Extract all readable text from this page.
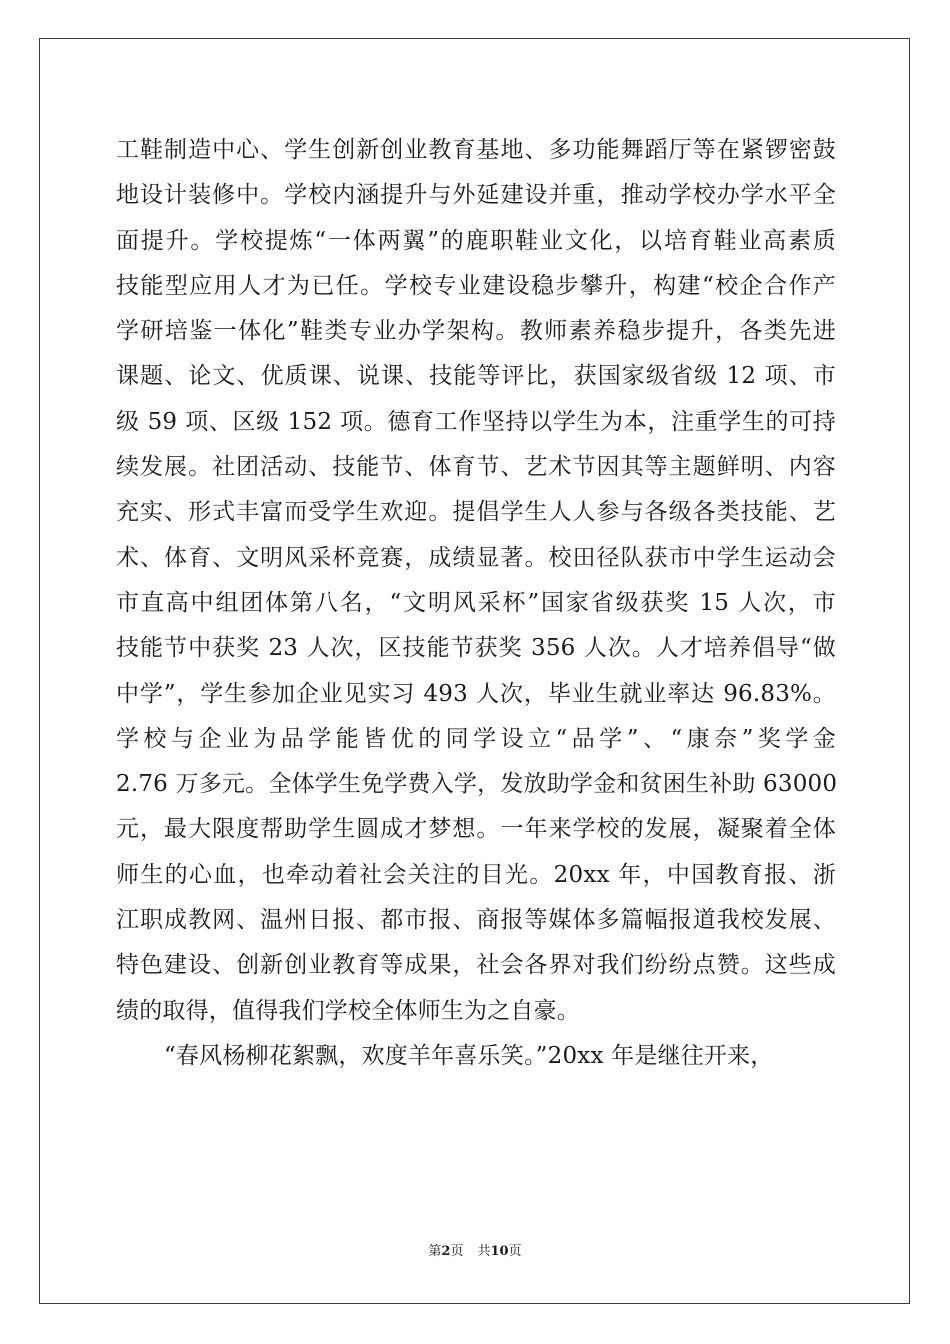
工鞋制造中心、学生创新创业教育基地、多功能舞蹈厅等在紧锣密鼓
地设计装修中。学校内涵提升与外延建设并重，推动学校办学水平全
面提升。学校提炼“一体两翼”的鹿职鞋业文化，以培育鞋业高素质
技能型应用人才为已任。学校专业建设稳步攀升，构建“校企合作产
学研培鉴一体化”鞋类专业办学架构。教师素养稳步提升，各类先进
课题、论文、优质课、说课、技能等评比，获国家级省级 12 项、市
级 59 项、区级 152 项。德育工作坚持以学生为本，注重学生的可持
续发展。社团活动、技能节、体育节、艺术节因其等主题鲜明、内容
充实、形式丰富而受学生欢迎。提倡学生人人参与各级各类技能、艺
术、体育、文明风采杯竞赛，成绩显著。校田径队获市中学生运动会
市直高中组团体第八名，“文明风采杯”国家省级获奖 15 人次，市
技能节中获奖 23 人次，区技能节获奖 356 人次。人才培养倡导“做
中学”，学生参加企业见实习 493 人次，毕业生就业率达 96.83%。
学校与企业为品学能皆优的同学设立“品学”、“康奈”奖学金
2.76 万多元。全体学生免学费入学，发放助学金和贫困生补助 63000
元，最大限度帮助学生圆成才梦想。一年来学校的发展，凝聚着全体
师生的心血，也牵动着社会关注的目光。20xx 年，中国教育报、浙
江职成教网、温州日报、都市报、商报等媒体多篇幅报道我校发展、
特色建设、创新创业教育等成果，社会各界对我们纷纷点赞。这些成
绩的取得，值得我们学校全体师生为之自豪。
“春风杨柳花絮飘，欢度羊年喜乐笑。”20xx 年是继往开来，
第2页 共10页
